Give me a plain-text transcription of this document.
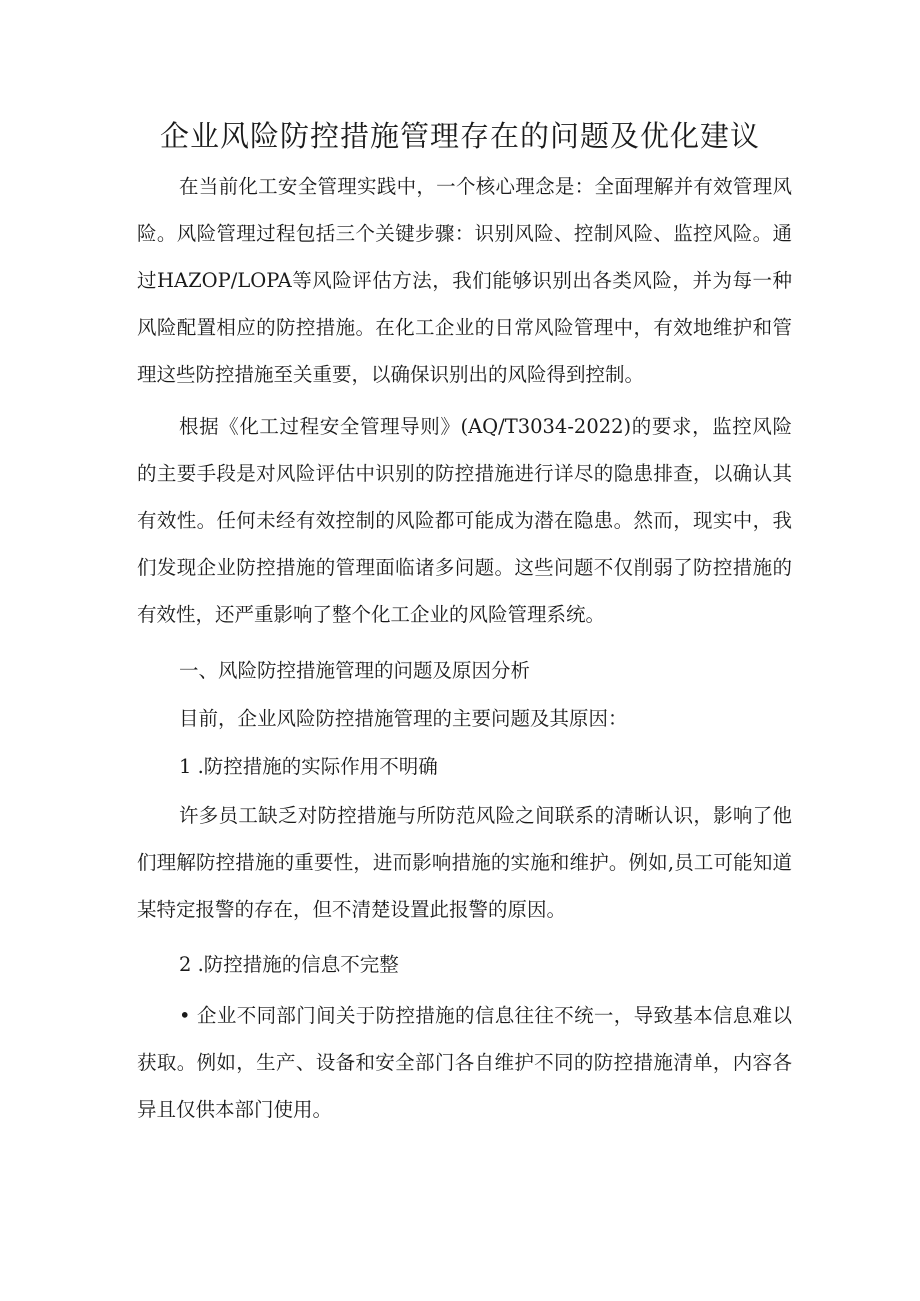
企业风险防控措施管理存在的问题及优化建议

在当前化工安全管理实践中，一个核心理念是：全面理解并有效管理风险。风险管理过程包括三个关键步骤：识别风险、控制风险、监控风险。通过HAZOP/LOPA等风险评估方法，我们能够识别出各类风险，并为每一种风险配置相应的防控措施。在化工企业的日常风险管理中，有效地维护和管理这些防控措施至关重要，以确保识别出的风险得到控制。

根据《化工过程安全管理导则》(AQ/T3034-2022)的要求，监控风险的主要手段是对风险评估中识别的防控措施进行详尽的隐患排查，以确认其有效性。任何未经有效控制的风险都可能成为潜在隐患。然而，现实中，我们发现企业防控措施的管理面临诸多问题。这些问题不仅削弱了防控措施的有效性，还严重影响了整个化工企业的风险管理系统。

一、风险防控措施管理的问题及原因分析

目前，企业风险防控措施管理的主要问题及其原因：

1 .防控措施的实际作用不明确

许多员工缺乏对防控措施与所防范风险之间联系的清晰认识，影响了他们理解防控措施的重要性，进而影响措施的实施和维护。例如,员工可能知道某特定报警的存在，但不清楚设置此报警的原因。

2 .防控措施的信息不完整

• 企业不同部门间关于防控措施的信息往往不统一，导致基本信息难以获取。例如，生产、设备和安全部门各自维护不同的防控措施清单，内容各异且仅供本部门使用。
